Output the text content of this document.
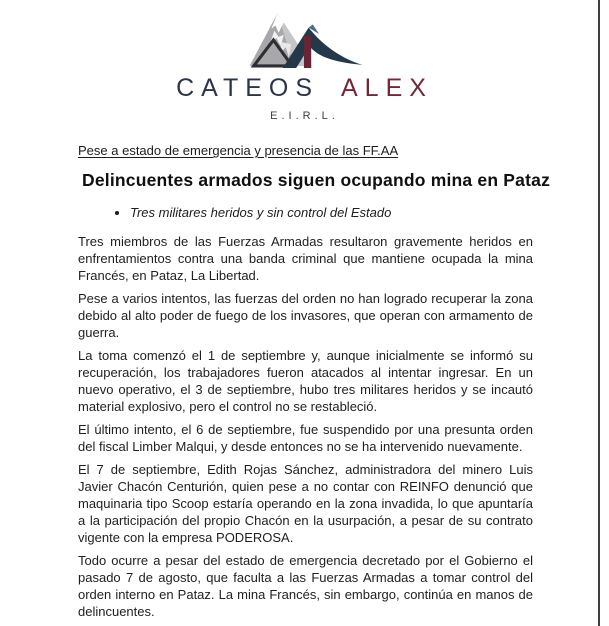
CATEOS ALEX
E.I.R.L.

Pese a estado de emergencia y presencia de las FF.AA

Delincuentes armados siguen ocupando mina en Pataz
• Tres militares heridos y sin control del Estado

Tres miembros de las Fuerzas Armadas resultaron gravemente heridos en enfrentamientos contra una banda criminal que mantiene ocupada la mina Francés, en Pataz, La Libertad.

Pese a varios intentos, las fuerzas del orden no han logrado recuperar la zona debido al alto poder de fuego de los invasores, que operan con armamento de guerra.

La toma comenzó el 1 de septiembre y, aunque inicialmente se informó su recuperación, los trabajadores fueron atacados al intentar ingresar. En un nuevo operativo, el 3 de septiembre, hubo tres militares heridos y se incautó material explosivo, pero el control no se restableció.

El último intento, el 6 de septiembre, fue suspendido por una presunta orden del fiscal Limber Malqui, y desde entonces no se ha intervenido nuevamente.

El 7 de septiembre, Edith Rojas Sánchez, administradora del minero Luis Javier Chacón Centurión, quien pese a no contar con REINFO denunció que maquinaria tipo Scoop estaría operando en la zona invadida, lo que apuntaría a la participación del propio Chacón en la usurpación, a pesar de su contrato vigente con la empresa PODEROSA.

Todo ocurre a pesar del estado de emergencia decretado por el Gobierno el pasado 7 de agosto, que faculta a las Fuerzas Armadas a tomar control del orden interno en Pataz. La mina Francés, sin embargo, continúa en manos de delincuentes.
